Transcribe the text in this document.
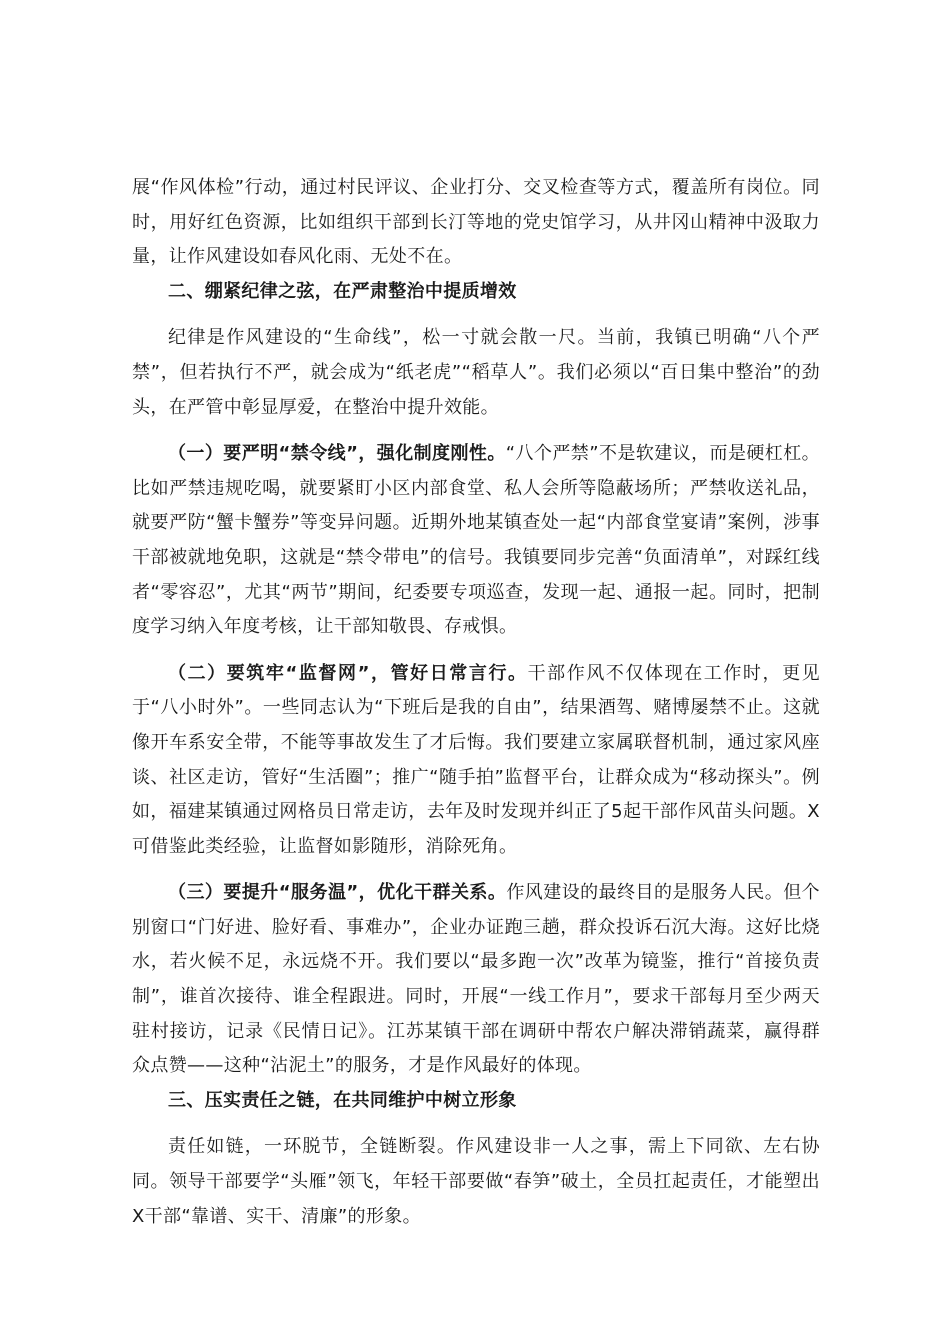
展“作风体检”行动，通过村民评议、企业打分、交叉检查等方式，覆盖所有岗位。同时，用好红色资源，比如组织干部到长汀等地的党史馆学习，从井冈山精神中汲取力量，让作风建设如春风化雨、无处不在。

二、绷紧纪律之弦，在严肃整治中提质增效

纪律是作风建设的“生命线”，松一寸就会散一尺。当前，我镇已明确“八个严禁”，但若执行不严，就会成为“纸老虎”“稻草人”。我们必须以“百日集中整治”的劲头，在严管中彰显厚爱，在整治中提升效能。

（一）要严明“禁令线”，强化制度刚性。“八个严禁”不是软建议，而是硬杠杠。比如严禁违规吃喝，就要紧盯小区内部食堂、私人会所等隐蔽场所；严禁收送礼品，就要严防“蟹卡蟹券”等变异问题。近期外地某镇查处一起“内部食堂宴请”案例，涉事干部被就地免职，这就是“禁令带电”的信号。我镇要同步完善“负面清单”，对踩红线者“零容忍”，尤其“两节”期间，纪委要专项巡查，发现一起、通报一起。同时，把制度学习纳入年度考核，让干部知敬畏、存戒惧。

（二）要筑牢“监督网”，管好日常言行。干部作风不仅体现在工作时，更见于“八小时外”。一些同志认为“下班后是我的自由”，结果酒驾、赌博屡禁不止。这就像开车系安全带，不能等事故发生了才后悔。我们要建立家属联督机制，通过家风座谈、社区走访，管好“生活圈”；推广“随手拍”监督平台，让群众成为“移动探头”。例如，福建某镇通过网格员日常走访，去年及时发现并纠正了5起干部作风苗头问题。X可借鉴此类经验，让监督如影随形，消除死角。

（三）要提升“服务温”，优化干群关系。作风建设的最终目的是服务人民。但个别窗口“门好进、脸好看、事难办”，企业办证跑三趟，群众投诉石沉大海。这好比烧水，若火候不足，永远烧不开。我们要以“最多跑一次”改革为镜鉴，推行“首接负责制”，谁首次接待、谁全程跟进。同时，开展“一线工作月”，要求干部每月至少两天驻村接访，记录《民情日记》。江苏某镇干部在调研中帮农户解决滞销蔬菜，赢得群众点赞——这种“沾泥土”的服务，才是作风最好的体现。

三、压实责任之链，在共同维护中树立形象

责任如链，一环脱节，全链断裂。作风建设非一人之事，需上下同欲、左右协同。领导干部要学“头雁”领飞，年轻干部要做“春笋”破土，全员扛起责任，才能塑出X干部“靠谱、实干、清廉”的形象。
